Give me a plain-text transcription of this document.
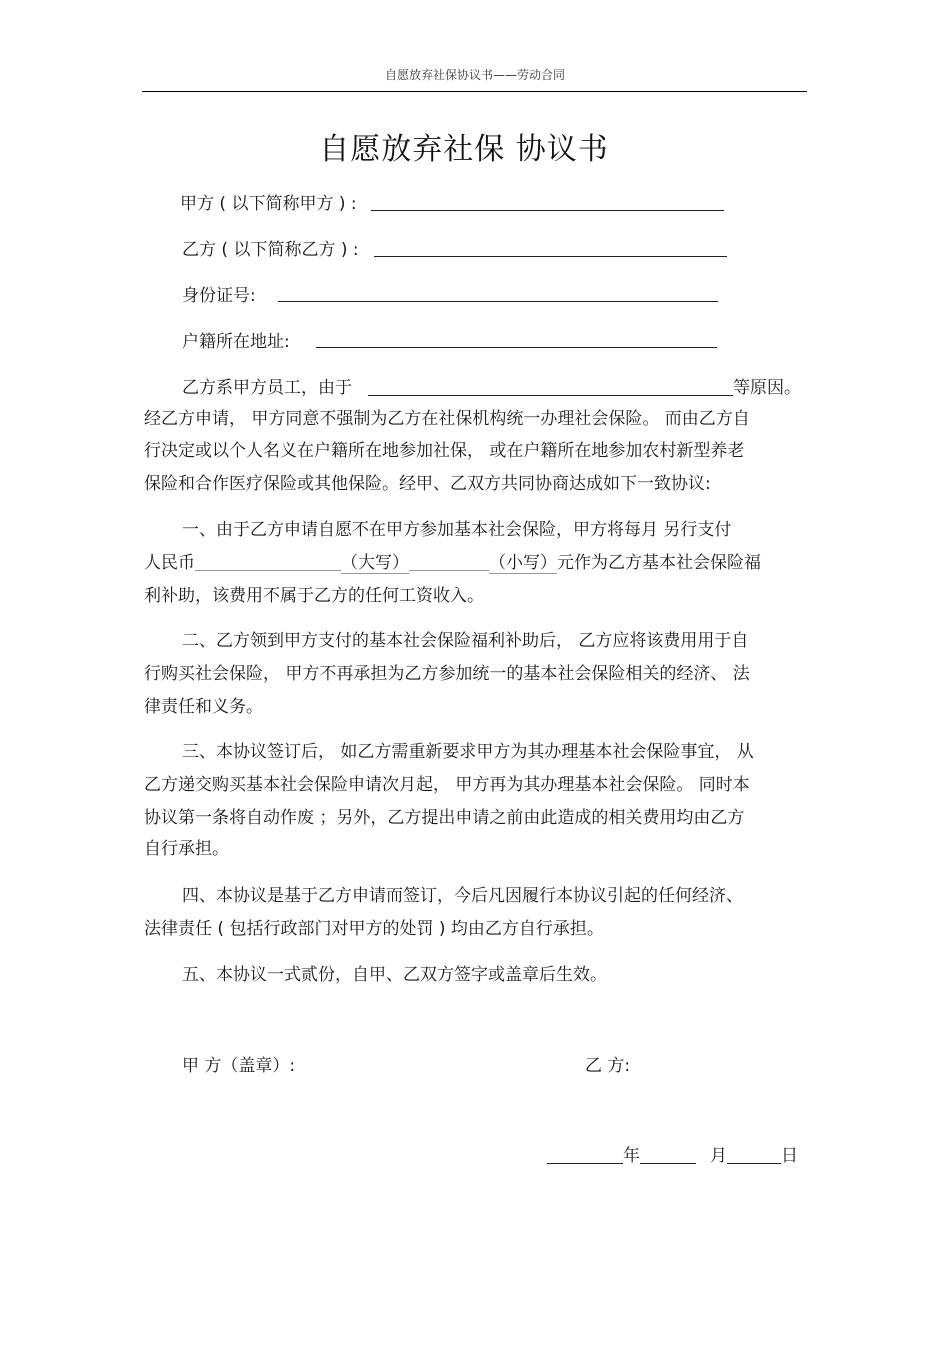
自愿放弃社保协议书——劳动合同
自愿放弃社保 协议书
甲方 ( 以下简称甲方 ) :
乙方 ( 以下简称乙方 ) :
身份证号:
户籍所在地址:
乙方系甲方员工，由于	等原因。
经乙方申请， 甲方同意不强制为乙方在社保机构统一办理社会保险。 而由乙方自
行决定或以个人名义在户籍所在地参加社保， 或在户籍所在地参加农村新型养老
保险和合作医疗保险或其他保险。经甲、乙双方共同协商达成如下一致协议:
一、由于乙方申请自愿不在甲方参加基本社会保险，甲方将每月 另行支付
人民币	（大写）	（小写）元作为乙方基本社会保险福
利补助，该费用不属于乙方的任何工资收入。
二、乙方领到甲方支付的基本社会保险福利补助后， 乙方应将该费用用于自
行购买社会保险， 甲方不再承担为乙方参加统一的基本社会保险相关的经济、 法
律责任和义务。
三、本协议签订后， 如乙方需重新要求甲方为其办理基本社会保险事宜， 从
乙方递交购买基本社会保险申请次月起， 甲方再为其办理基本社会保险。 同时本
协议第一条将自动作废 ；另外，乙方提出申请之前由此造成的相关费用均由乙方
自行承担。
四、本协议是基于乙方申请而签订，今后凡因履行本协议引起的任何经济、
法律责任 ( 包括行政部门对甲方的处罚 ) 均由乙方自行承担。
五、本协议一式贰份，自甲、乙双方签字或盖章后生效。
甲 方（盖章）:	乙 方:
年	月	日
